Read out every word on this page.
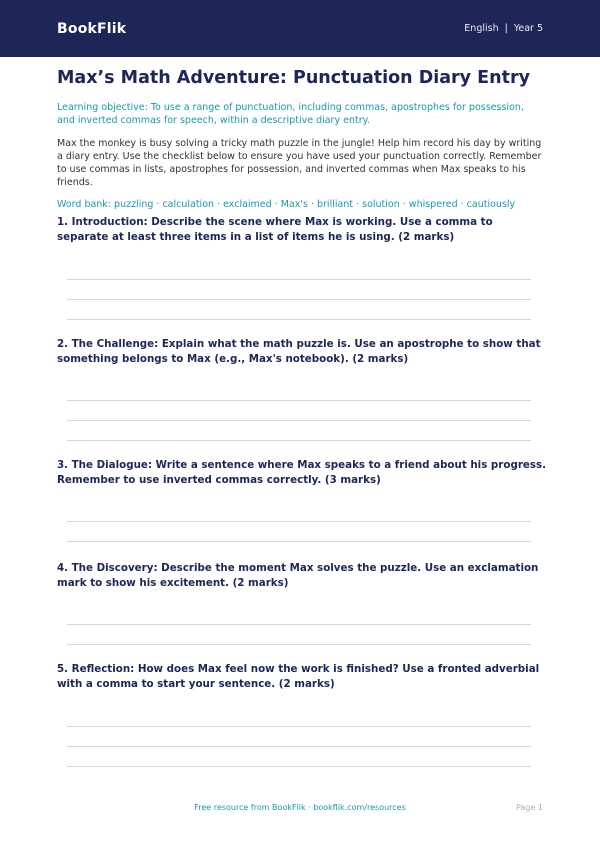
BookFlik	English | Year 5
Max’s Math Adventure: Punctuation Diary Entry
Learning objective: To use a range of punctuation, including commas, apostrophes for possession, and inverted commas for speech, within a descriptive diary entry.
Max the monkey is busy solving a tricky math puzzle in the jungle! Help him record his day by writing a diary entry. Use the checklist below to ensure you have used your punctuation correctly. Remember to use commas in lists, apostrophes for possession, and inverted commas when Max speaks to his friends.
Word bank: puzzling · calculation · exclaimed · Max's · brilliant · solution · whispered · cautiously
1. Introduction: Describe the scene where Max is working. Use a comma to separate at least three items in a list of items he is using. (2 marks)
2. The Challenge: Explain what the math puzzle is. Use an apostrophe to show that something belongs to Max (e.g., Max's notebook). (2 marks)
3. The Dialogue: Write a sentence where Max speaks to a friend about his progress. Remember to use inverted commas correctly. (3 marks)
4. The Discovery: Describe the moment Max solves the puzzle. Use an exclamation mark to show his excitement. (2 marks)
5. Reflection: How does Max feel now the work is finished? Use a fronted adverbial with a comma to start your sentence. (2 marks)
Free resource from BookFlik · bookflik.com/resources	Page 1
